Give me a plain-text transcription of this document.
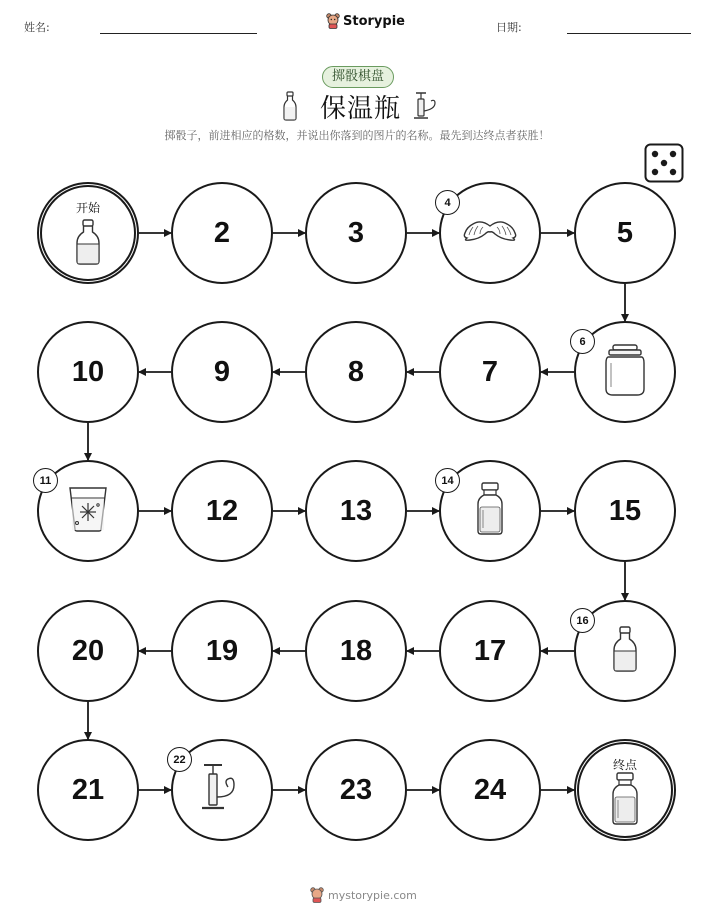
姓名:	Storypie	日期:
掷骰棋盘
保温瓶
掷骰子，前进相应的格数，并说出你落到的图片的名称。最先到达终点者获胜！
开始
2	3
4
5
6
7
8
9
10
11
12	13
14
15
16
17
18
19
20
21
22
23	24
终点
mystorypie.com
